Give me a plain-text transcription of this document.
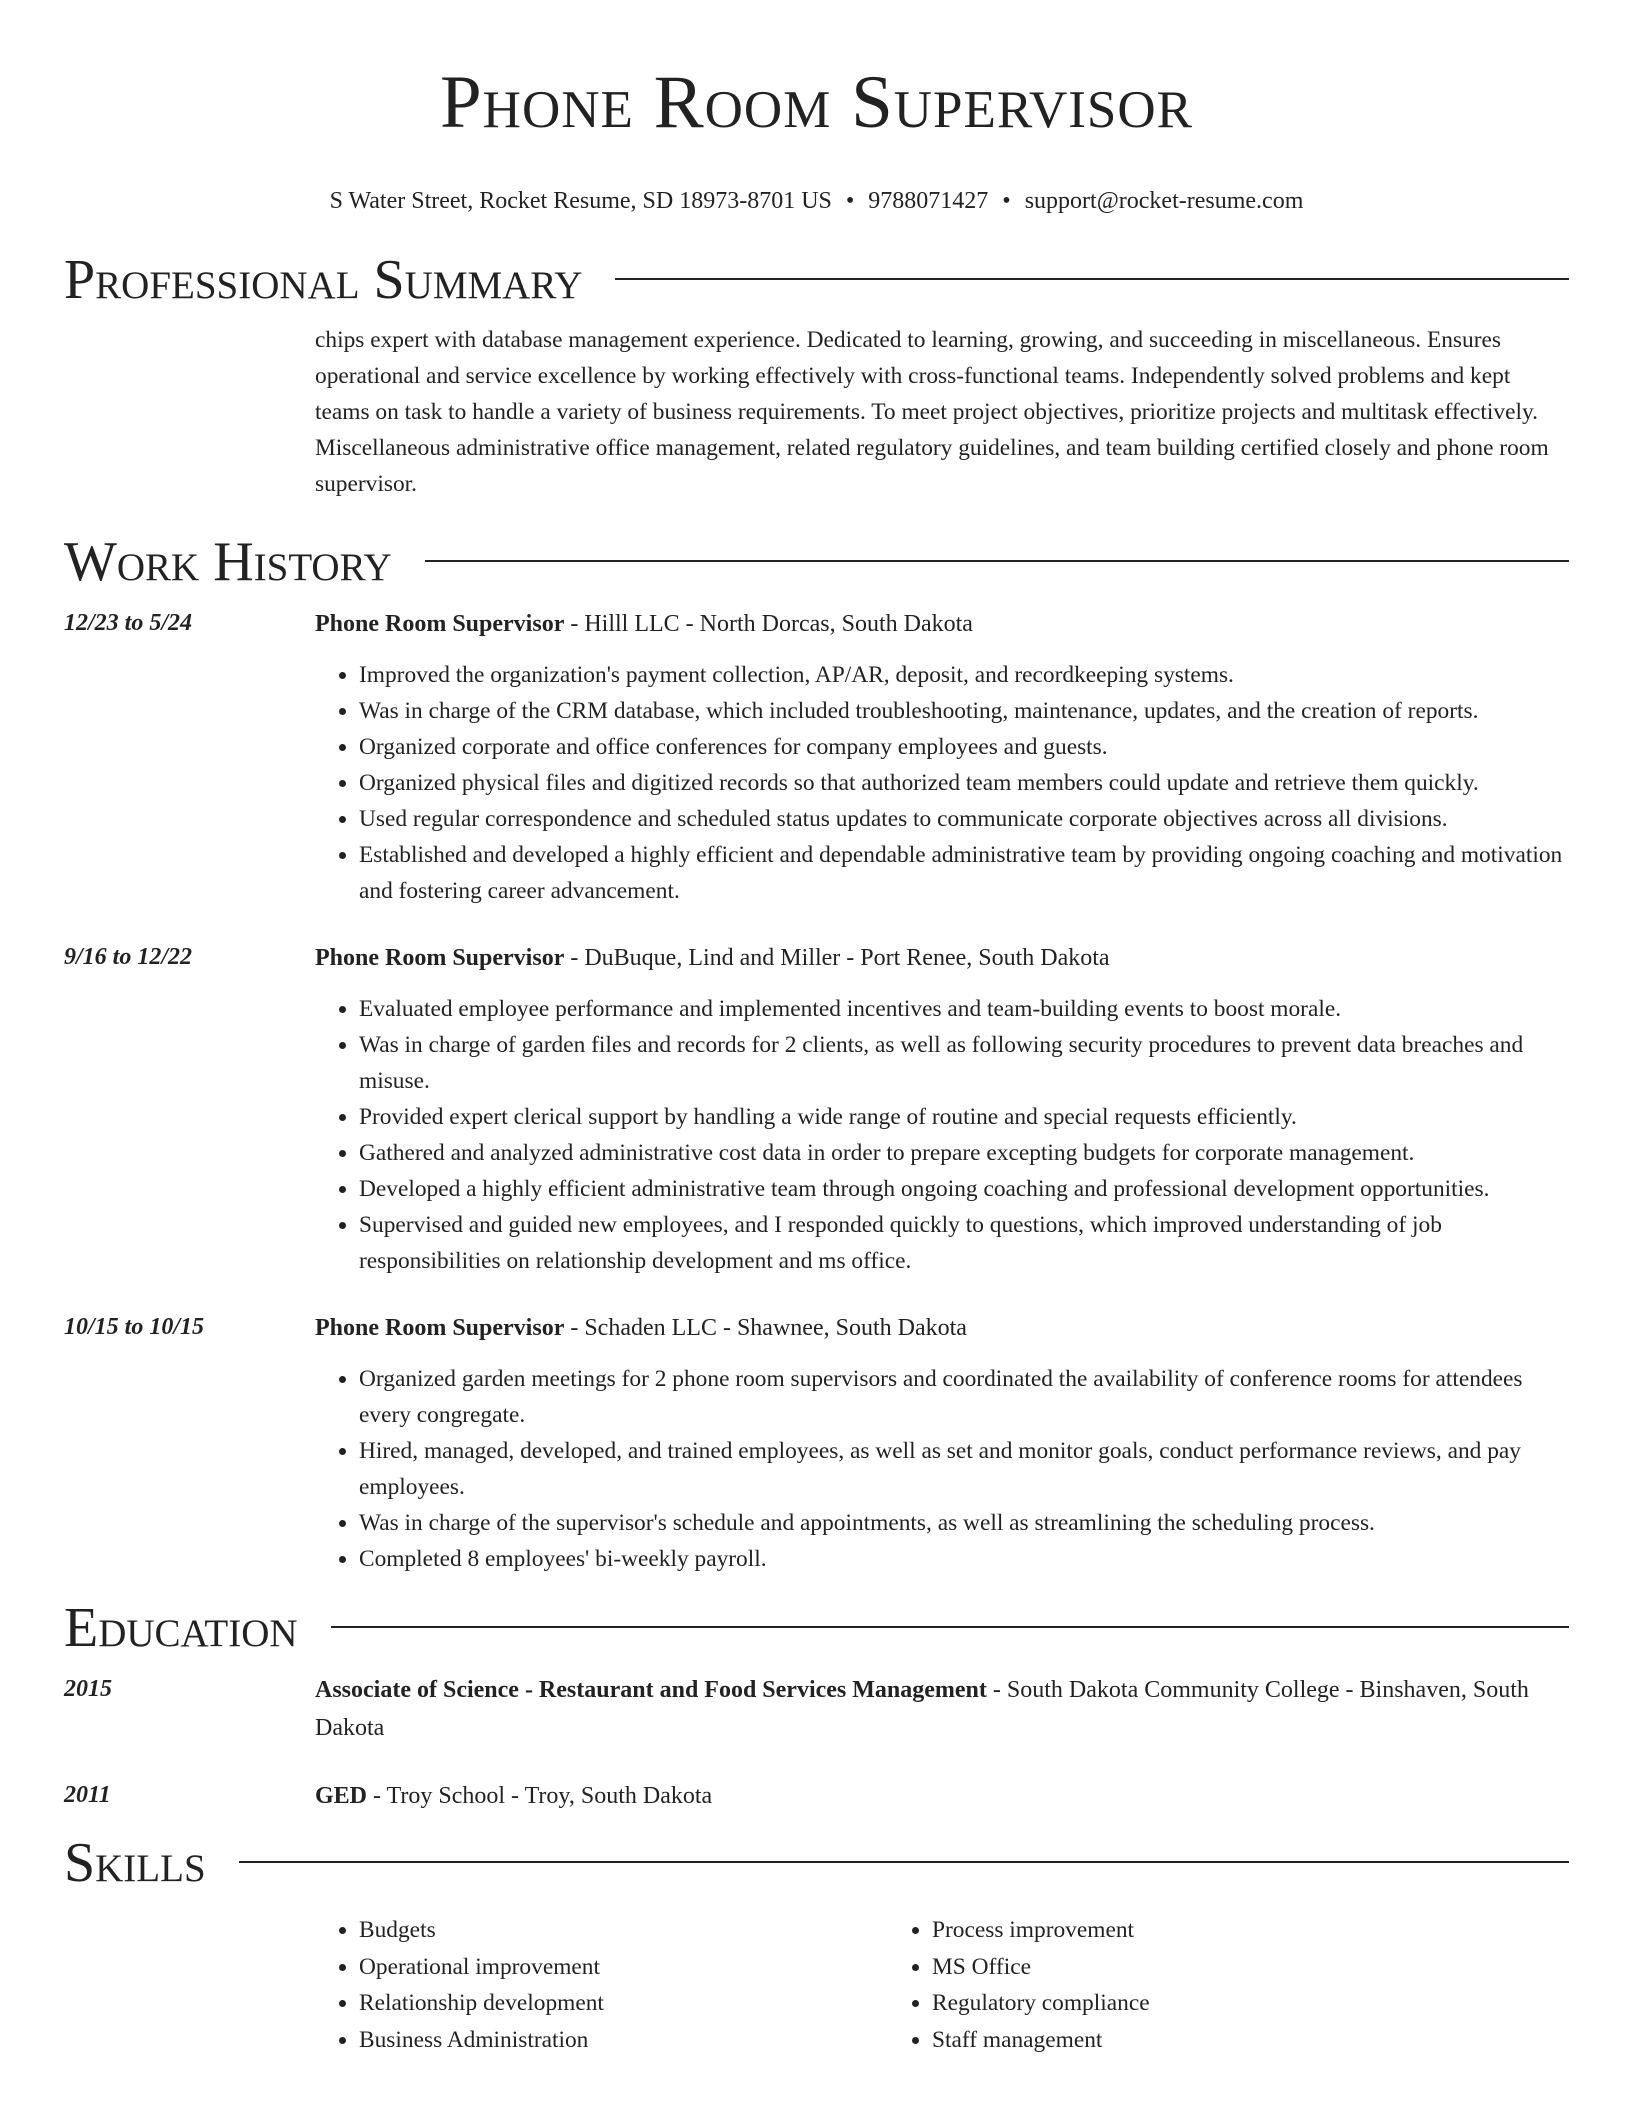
Phone Room Supervisor
S Water Street, Rocket Resume, SD 18973-8701 US • 9788071427 • support@rocket-resume.com
Professional Summary
chips expert with database management experience. Dedicated to learning, growing, and succeeding in miscellaneous. Ensures operational and service excellence by working effectively with cross-functional teams. Independently solved problems and kept teams on task to handle a variety of business requirements. To meet project objectives, prioritize projects and multitask effectively. Miscellaneous administrative office management, related regulatory guidelines, and team building certified closely and phone room supervisor.
Work History
12/23 to 5/24	Phone Room Supervisor - Hilll LLC - North Dorcas, South Dakota
• Improved the organization's payment collection, AP/AR, deposit, and recordkeeping systems.
• Was in charge of the CRM database, which included troubleshooting, maintenance, updates, and the creation of reports.
• Organized corporate and office conferences for company employees and guests.
• Organized physical files and digitized records so that authorized team members could update and retrieve them quickly.
• Used regular correspondence and scheduled status updates to communicate corporate objectives across all divisions.
• Established and developed a highly efficient and dependable administrative team by providing ongoing coaching and motivation and fostering career advancement.
9/16 to 12/22	Phone Room Supervisor - DuBuque, Lind and Miller - Port Renee, South Dakota
• Evaluated employee performance and implemented incentives and team-building events to boost morale.
• Was in charge of garden files and records for 2 clients, as well as following security procedures to prevent data breaches and misuse.
• Provided expert clerical support by handling a wide range of routine and special requests efficiently.
• Gathered and analyzed administrative cost data in order to prepare excepting budgets for corporate management.
• Developed a highly efficient administrative team through ongoing coaching and professional development opportunities.
• Supervised and guided new employees, and I responded quickly to questions, which improved understanding of job responsibilities on relationship development and ms office.
10/15 to 10/15	Phone Room Supervisor - Schaden LLC - Shawnee, South Dakota
• Organized garden meetings for 2 phone room supervisors and coordinated the availability of conference rooms for attendees every congregate.
• Hired, managed, developed, and trained employees, as well as set and monitor goals, conduct performance reviews, and pay employees.
• Was in charge of the supervisor's schedule and appointments, as well as streamlining the scheduling process.
• Completed 8 employees' bi-weekly payroll.
Education
2015	Associate of Science - Restaurant and Food Services Management - South Dakota Community College - Binshaven, South Dakota
2011	GED - Troy School - Troy, South Dakota
Skills
• Budgets
• Operational improvement
• Relationship development
• Business Administration
• Process improvement
• MS Office
• Regulatory compliance
• Staff management
